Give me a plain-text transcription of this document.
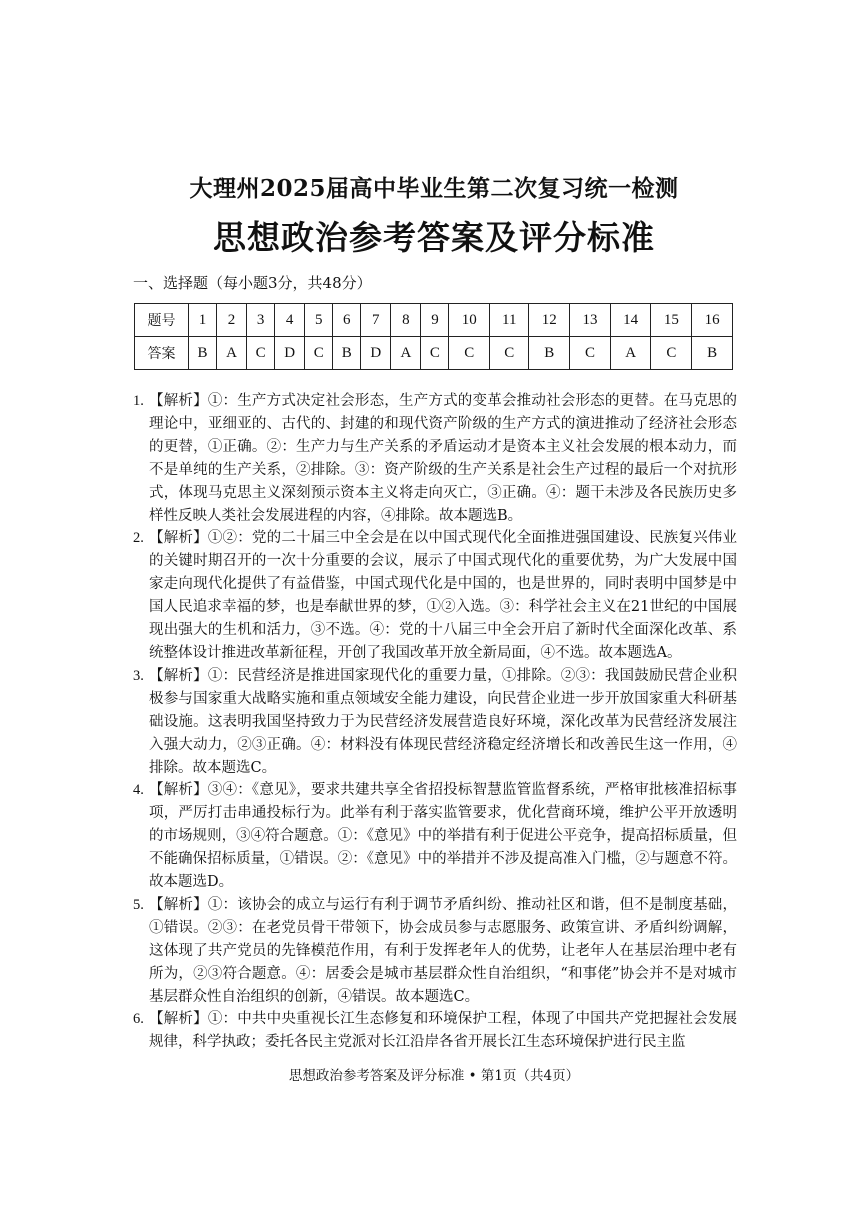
大理州2025届高中毕业生第二次复习统一检测
思想政治参考答案及评分标准
一、选择题（每小题3分，共48分）
题号	1	2	3	4	5	6	7	8	9	10	11	12	13	14	15	16
答案	B	A	C	D	C	B	D	A	C	C	C	B	C	A	C	B
1. 【解析】①：生产方式决定社会形态，生产方式的变革会推动社会形态的更替。在马克思的理论中，亚细亚的、古代的、封建的和现代资产阶级的生产方式的演进推动了经济社会形态的更替，①正确。②：生产力与生产关系的矛盾运动才是资本主义社会发展的根本动力，而不是单纯的生产关系，②排除。③：资产阶级的生产关系是社会生产过程的最后一个对抗形式，体现马克思主义深刻预示资本主义将走向灭亡，③正确。④：题干未涉及各民族历史多样性反映人类社会发展进程的内容，④排除。故本题选B。
2. 【解析】①②：党的二十届三中全会是在以中国式现代化全面推进强国建设、民族复兴伟业的关键时期召开的一次十分重要的会议，展示了中国式现代化的重要优势，为广大发展中国家走向现代化提供了有益借鉴，中国式现代化是中国的，也是世界的，同时表明中国梦是中国人民追求幸福的梦，也是奉献世界的梦，①②入选。③：科学社会主义在21世纪的中国展现出强大的生机和活力，③不选。④：党的十八届三中全会开启了新时代全面深化改革、系统整体设计推进改革新征程，开创了我国改革开放全新局面，④不选。故本题选A。
3. 【解析】①：民营经济是推进国家现代化的重要力量，①排除。②③：我国鼓励民营企业积极参与国家重大战略实施和重点领域安全能力建设，向民营企业进一步开放国家重大科研基础设施。这表明我国坚持致力于为民营经济发展营造良好环境，深化改革为民营经济发展注入强大动力，②③正确。④：材料没有体现民营经济稳定经济增长和改善民生这一作用，④排除。故本题选C。
4. 【解析】③④：《意见》，要求共建共享全省招投标智慧监管监督系统，严格审批核准招标事项，严厉打击串通投标行为。此举有利于落实监管要求，优化营商环境，维护公平开放透明的市场规则，③④符合题意。①：《意见》中的举措有利于促进公平竞争，提高招标质量，但不能确保招标质量，①错误。②：《意见》中的举措并不涉及提高准入门槛，②与题意不符。故本题选D。
5. 【解析】①：该协会的成立与运行有利于调节矛盾纠纷、推动社区和谐，但不是制度基础，①错误。②③：在老党员骨干带领下，协会成员参与志愿服务、政策宣讲、矛盾纠纷调解，这体现了共产党员的先锋模范作用，有利于发挥老年人的优势，让老年人在基层治理中老有所为，②③符合题意。④：居委会是城市基层群众性自治组织，“和事佬”协会并不是对城市基层群众性自治组织的创新，④错误。故本题选C。
6. 【解析】①：中共中央重视长江生态修复和环境保护工程，体现了中国共产党把握社会发展规律，科学执政；委托各民主党派对长江沿岸各省开展长江生态环境保护进行民主监
思想政治参考答案及评分标准 • 第1页（共4页）
